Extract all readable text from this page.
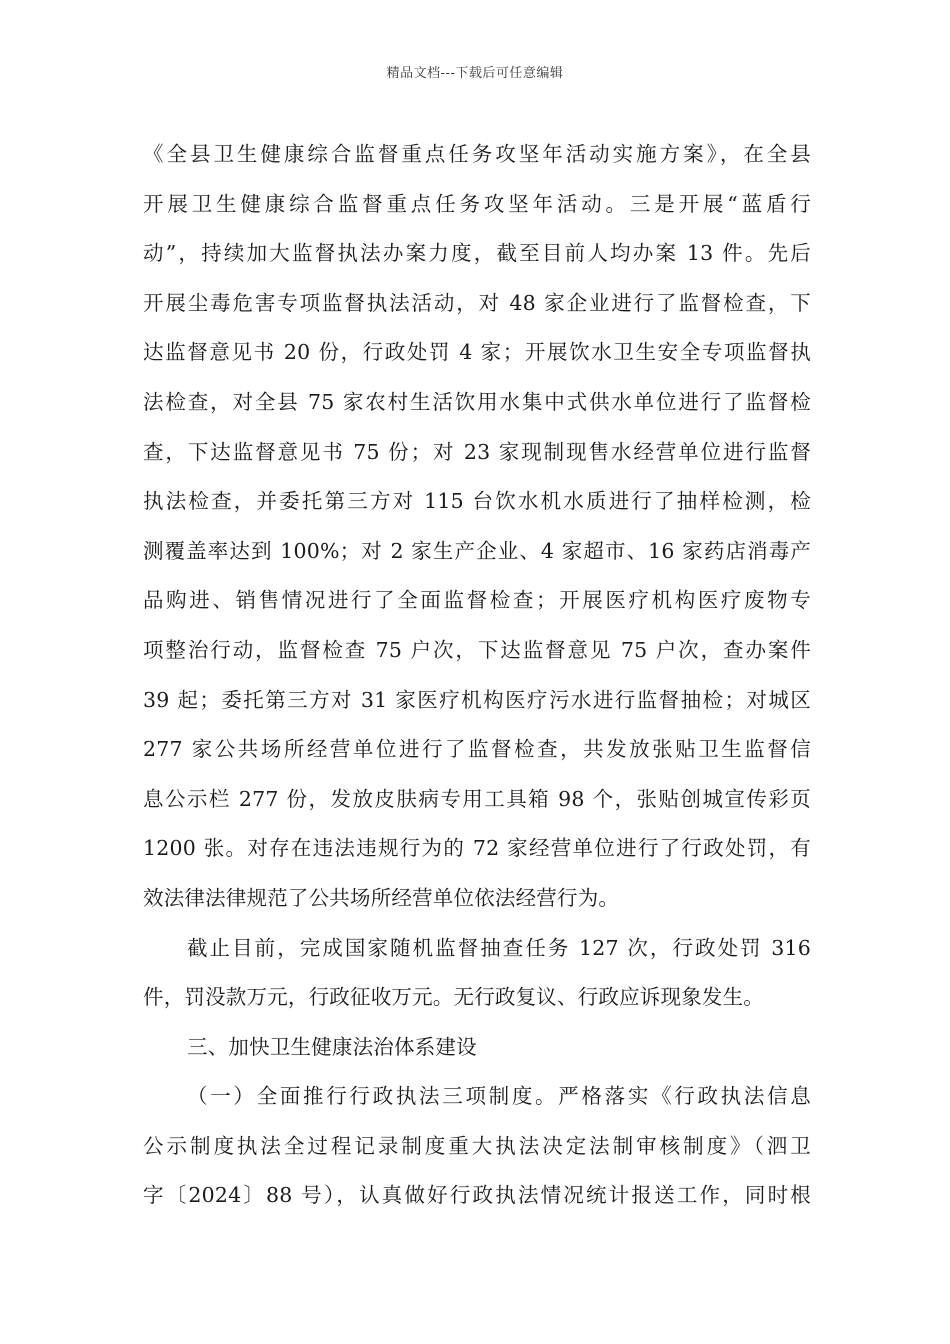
精品文档---下载后可任意编辑
《全县卫生健康综合监督重点任务攻坚年活动实施方案》，在全县
开展卫生健康综合监督重点任务攻坚年活动。三是开展“蓝盾行
动”，持续加大监督执法办案力度，截至目前人均办案 13 件。先后
开展尘毒危害专项监督执法活动，对 48 家企业进行了监督检查，下
达监督意见书 20 份，行政处罚 4 家；开展饮水卫生安全专项监督执
法检查，对全县 75 家农村生活饮用水集中式供水单位进行了监督检
查，下达监督意见书 75 份；对 23 家现制现售水经营单位进行监督
执法检查，并委托第三方对 115 台饮水机水质进行了抽样检测，检
测覆盖率达到 100%；对 2 家生产企业、4 家超市、16 家药店消毒产
品购进、销售情况进行了全面监督检查；开展医疗机构医疗废物专
项整治行动，监督检查 75 户次，下达监督意见 75 户次，查办案件
39 起；委托第三方对 31 家医疗机构医疗污水进行监督抽检；对城区
277 家公共场所经营单位进行了监督检查，共发放张贴卫生监督信
息公示栏 277 份，发放皮肤病专用工具箱 98 个，张贴创城宣传彩页
1200 张。对存在违法违规行为的 72 家经营单位进行了行政处罚，有
效法律法律规范了公共场所经营单位依法经营行为。
截止目前，完成国家随机监督抽查任务 127 次，行政处罚 316
件，罚没款万元，行政征收万元。无行政复议、行政应诉现象发生。
三、加快卫生健康法治体系建设
（一）全面推行行政执法三项制度。严格落实《行政执法信息
公示制度执法全过程记录制度重大执法决定法制审核制度》（泗卫
字〔2024〕88 号），认真做好行政执法情况统计报送工作，同时根
